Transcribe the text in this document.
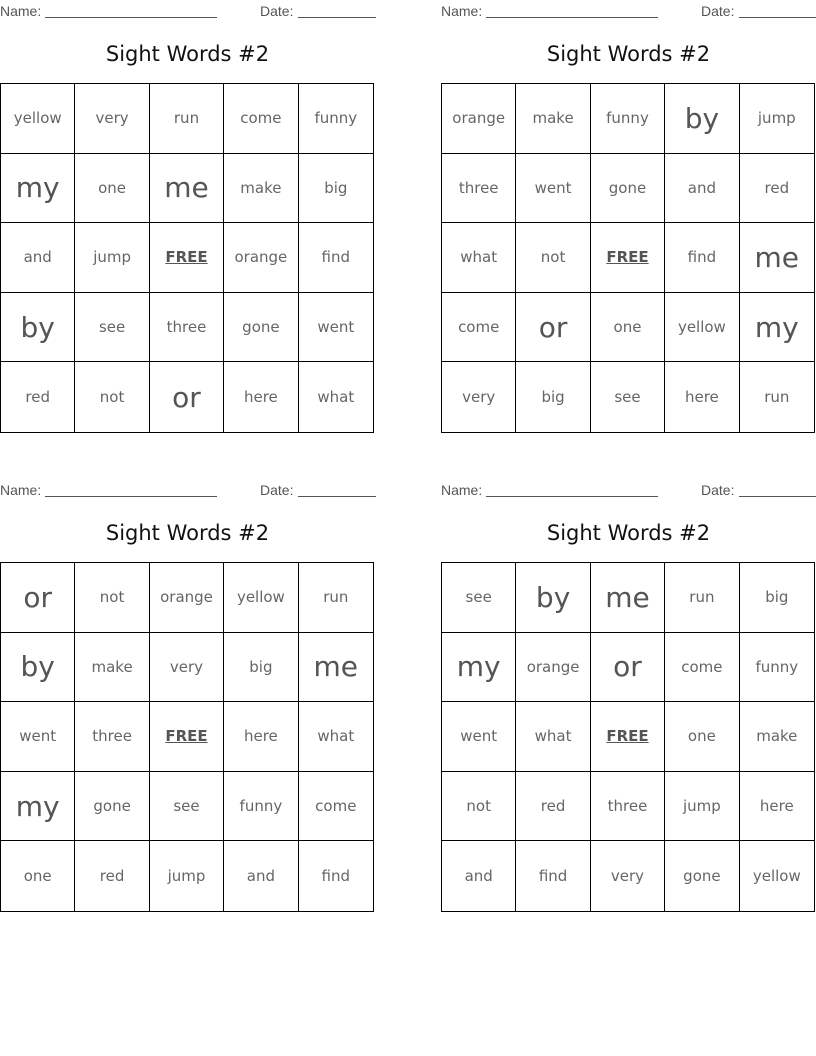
Name:	Date:
Sight Words #2
yellow	very	run	come	funny
my	one	me	make	big
and	jump	FREE	orange	find
by	see	three	gone	went
red	not	or	here	what
Name:	Date:
Sight Words #2
orange	make	funny	by	jump
three	went	gone	and	red
what	not	FREE	find	me
come	or	one	yellow	my
very	big	see	here	run
Name:	Date:
Sight Words #2
or	not	orange	yellow	run
by	make	very	big	me
went	three	FREE	here	what
my	gone	see	funny	come
one	red	jump	and	find
Name:	Date:
Sight Words #2
see	by	me	run	big
my	orange	or	come	funny
went	what	FREE	one	make
not	red	three	jump	here
and	find	very	gone	yellow
